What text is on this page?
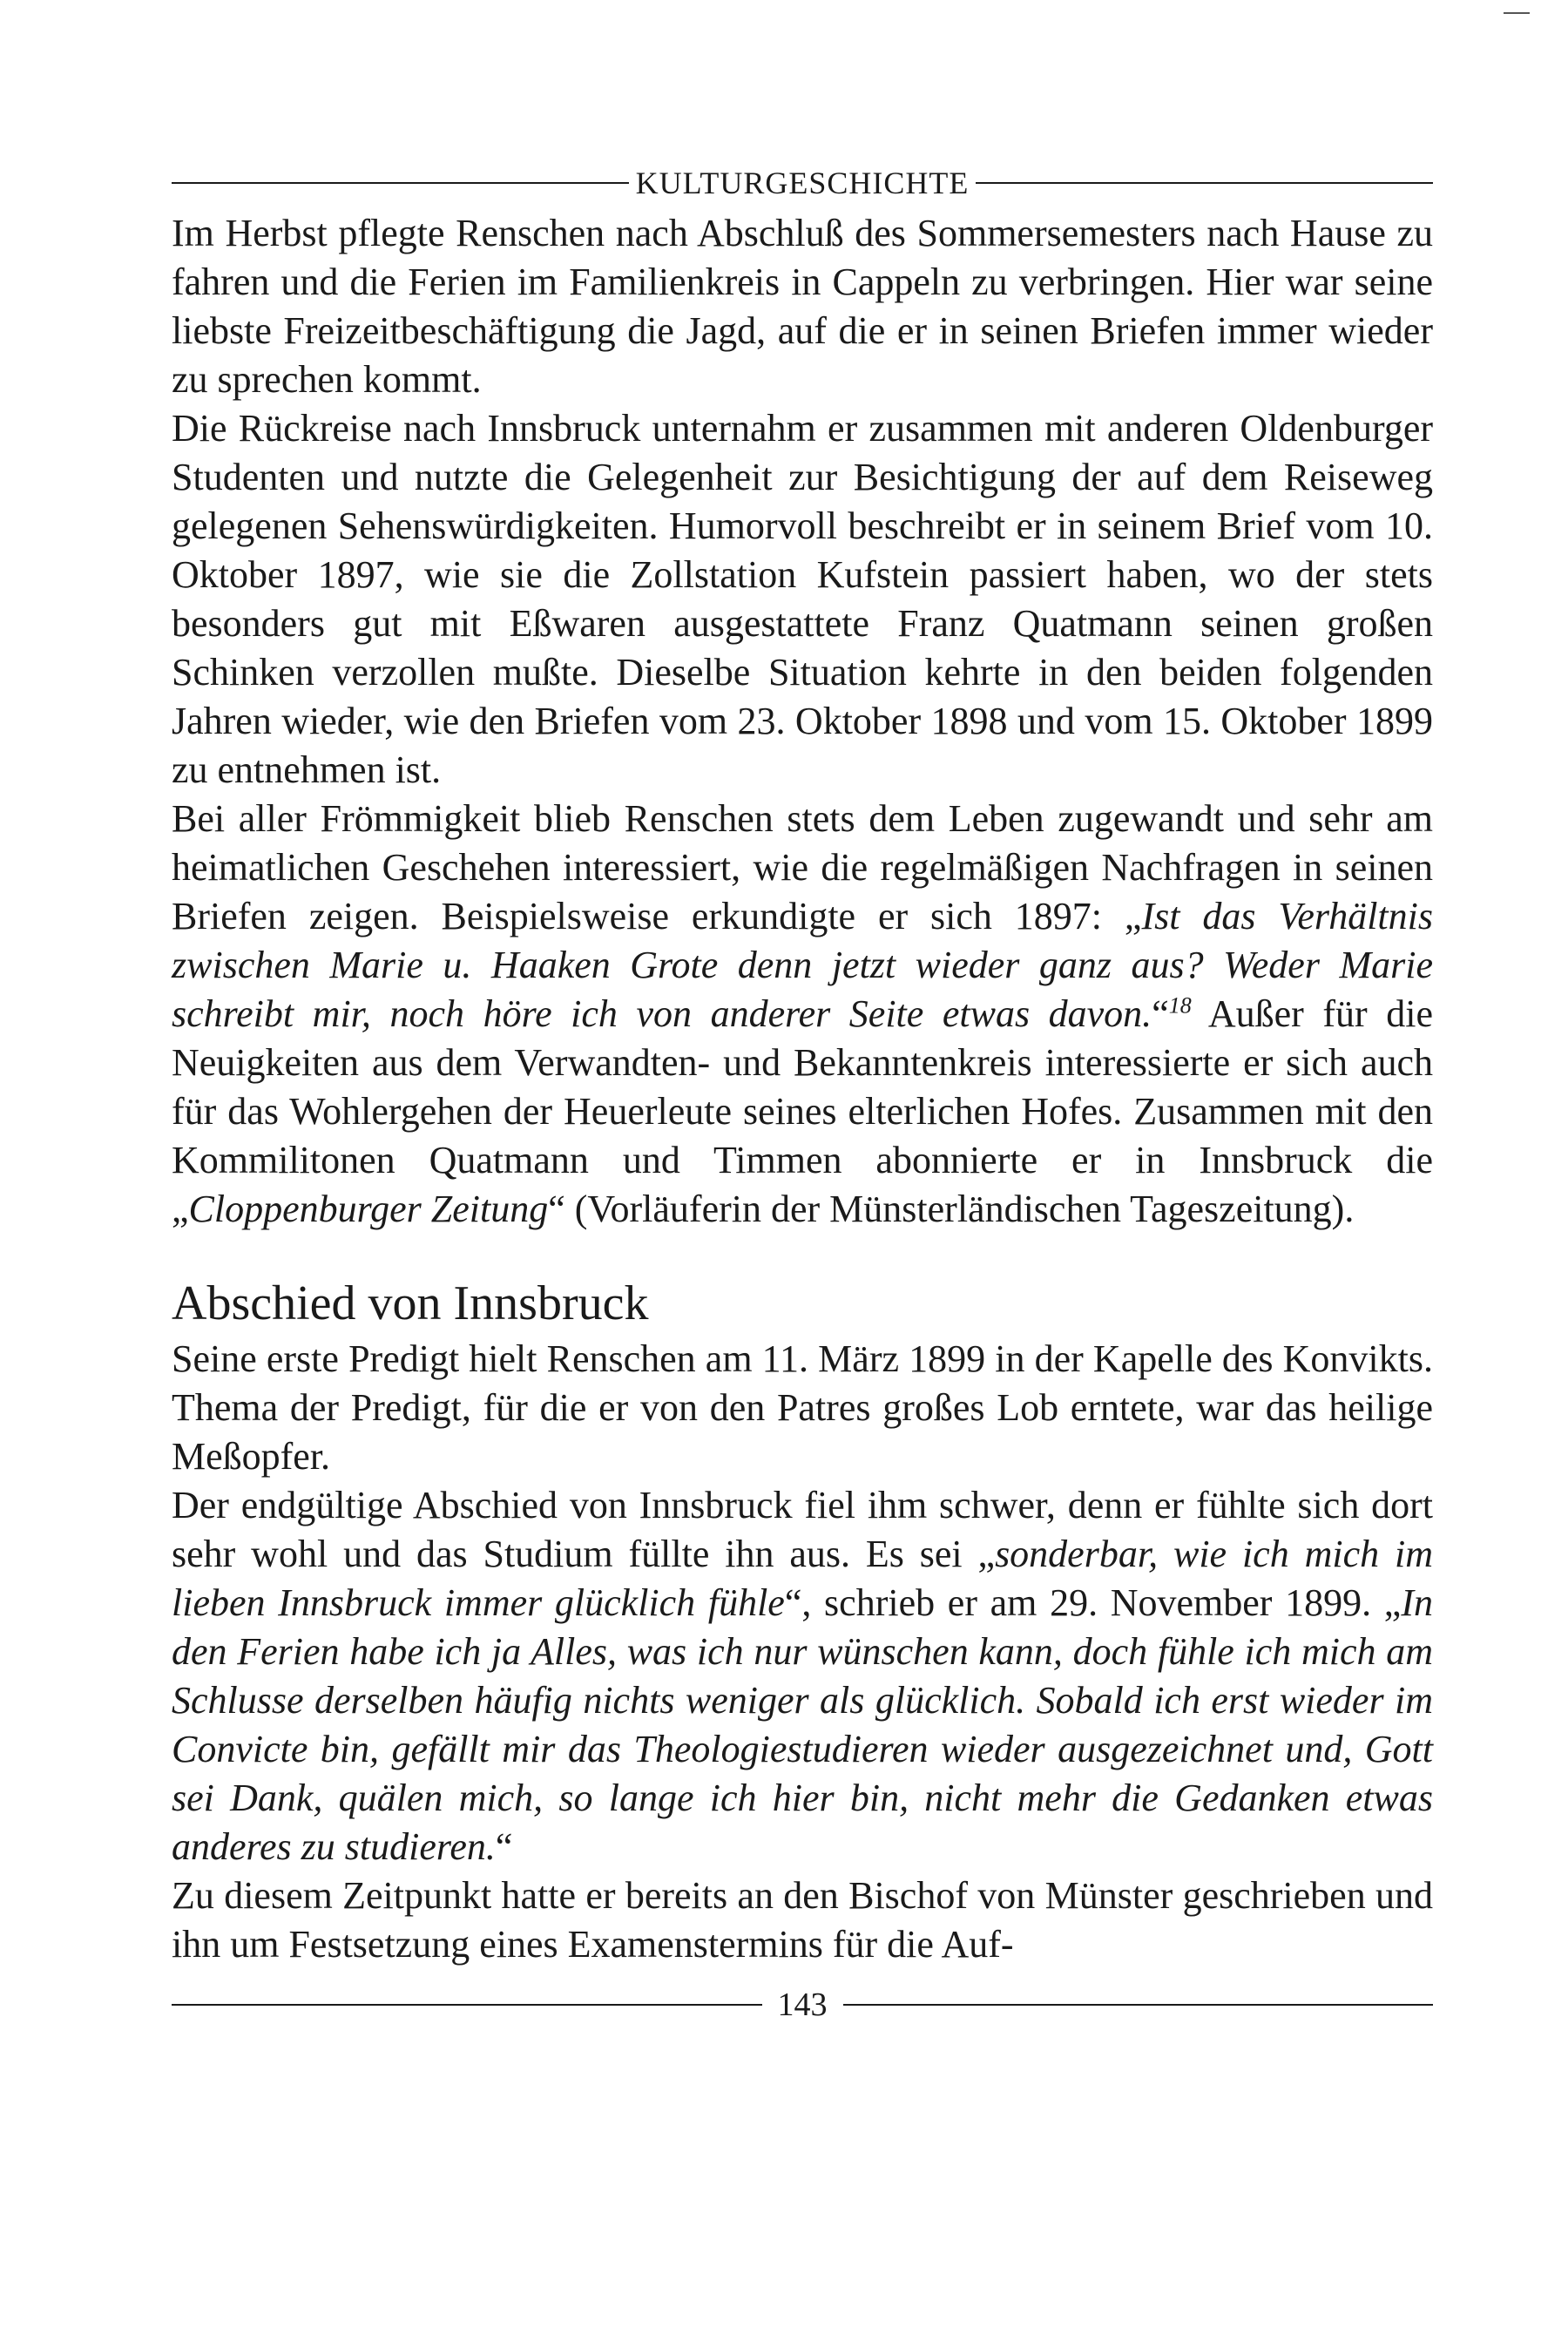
KULTURGESCHICHTE

Im Herbst pflegte Renschen nach Abschluß des Sommersemesters nach Hause zu fahren und die Ferien im Familienkreis in Cappeln zu verbringen. Hier war seine liebste Freizeitbeschäftigung die Jagd, auf die er in seinen Briefen immer wieder zu sprechen kommt.

Die Rückreise nach Innsbruck unternahm er zusammen mit anderen Oldenburger Studenten und nutzte die Gelegenheit zur Besichtigung der auf dem Reiseweg gelegenen Sehenswürdigkeiten. Humorvoll beschreibt er in seinem Brief vom 10. Oktober 1897, wie sie die Zollstation Kufstein passiert haben, wo der stets besonders gut mit Eßwaren ausgestattete Franz Quatmann seinen großen Schinken verzollen mußte. Dieselbe Situation kehrte in den beiden folgenden Jahren wieder, wie den Briefen vom 23. Oktober 1898 und vom 15. Oktober 1899 zu entnehmen ist.

Bei aller Frömmigkeit blieb Renschen stets dem Leben zugewandt und sehr am heimatlichen Geschehen interessiert, wie die regelmäßigen Nachfragen in seinen Briefen zeigen. Beispielsweise erkundigte er sich 1897: „Ist das Verhältnis zwischen Marie u. Haaken Grote denn jetzt wieder ganz aus? Weder Marie schreibt mir, noch höre ich von anderer Seite etwas davon.“$^{18}$ Außer für die Neuigkeiten aus dem Verwandten- und Bekanntenkreis interessierte er sich auch für das Wohlergehen der Heuerleute seines elterlichen Hofes. Zusammen mit den Kommilitonen Quatmann und Timmen abonnierte er in Innsbruck die „Cloppenburger Zeitung“ (Vorläuferin der Münsterländischen Tageszeitung).

Abschied von Innsbruck

Seine erste Predigt hielt Renschen am 11. März 1899 in der Kapelle des Konvikts. Thema der Predigt, für die er von den Patres großes Lob erntete, war das heilige Meßopfer.

Der endgültige Abschied von Innsbruck fiel ihm schwer, denn er fühlte sich dort sehr wohl und das Studium füllte ihn aus. Es sei „sonderbar, wie ich mich im lieben Innsbruck immer glücklich fühle“, schrieb er am 29. November 1899. „In den Ferien habe ich ja Alles, was ich nur wünschen kann, doch fühle ich mich am Schlusse derselben häufig nichts weniger als glücklich. Sobald ich erst wieder im Convicte bin, gefällt mir das Theologiestudieren wieder ausgezeichnet und, Gott sei Dank, quälen mich, so lange ich hier bin, nicht mehr die Gedanken etwas anderes zu studieren.“

Zu diesem Zeitpunkt hatte er bereits an den Bischof von Münster geschrieben und ihn um Festsetzung eines Examenstermins für die Auf-

143
